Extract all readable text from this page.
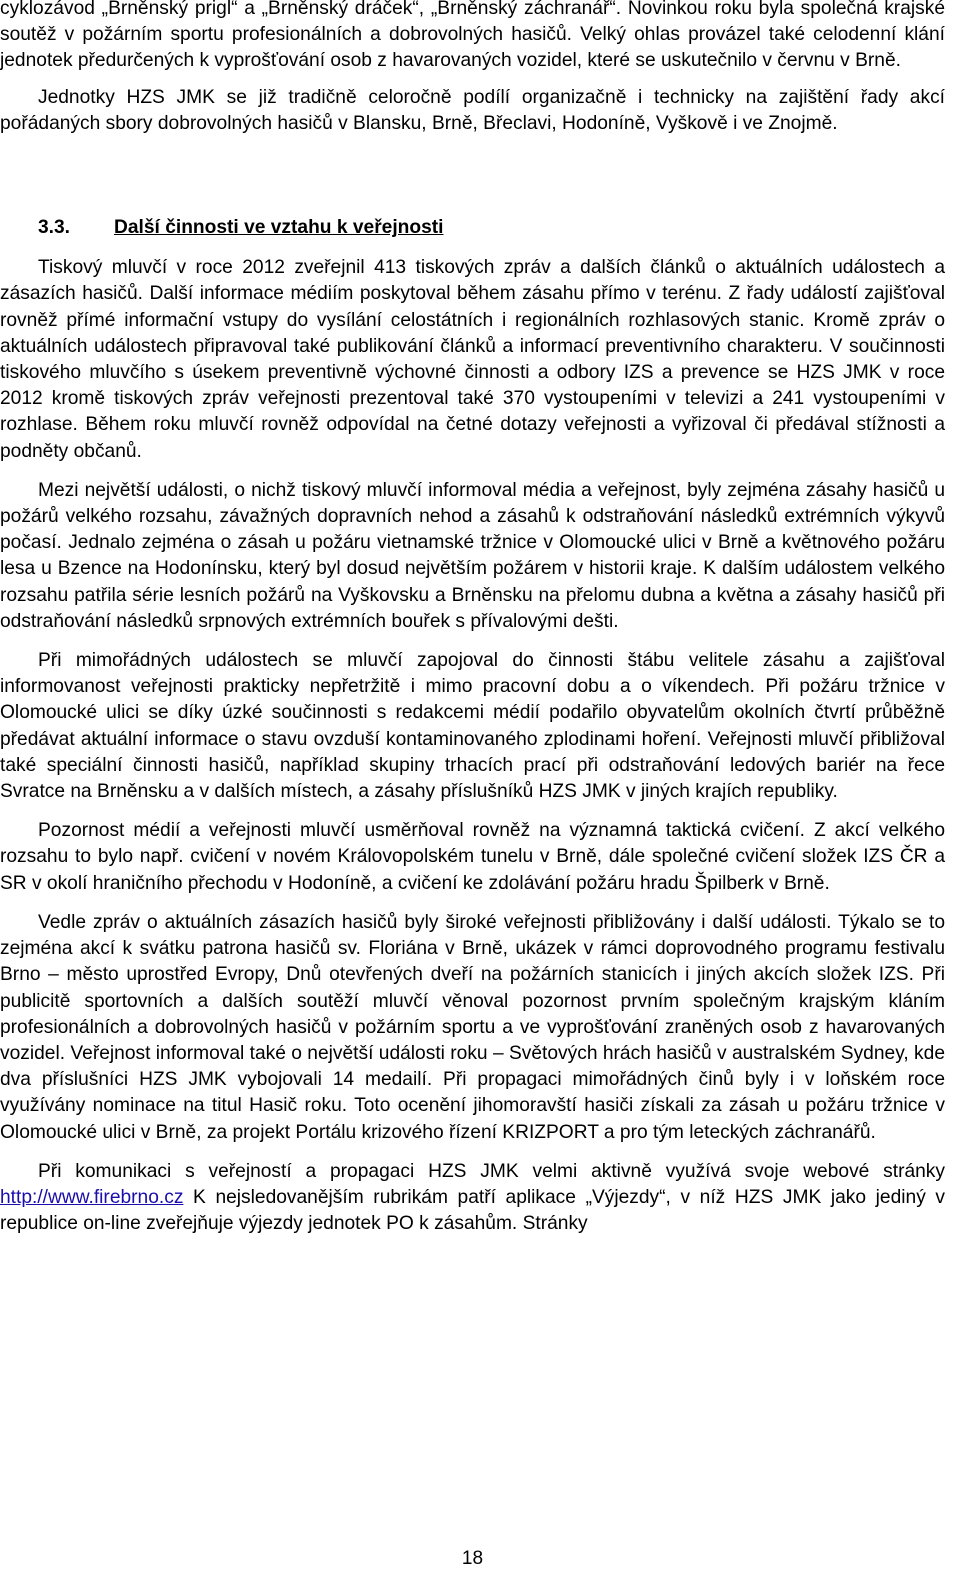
cyklozávod „Brněnský prigl“ a „Brněnský dráček“, „Brněnský záchranář“. Novinkou roku byla společná krajské soutěž v požárním sportu profesionálních a dobrovolných hasičů. Velký ohlas provázel také celodenní klání jednotek předurčených k vyprošťování osob z havarovaných vozidel, které se uskutečnilo v červnu v Brně.

Jednotky HZS JMK se již tradičně celoročně podílí organizačně i technicky na zajištění řady akcí pořádaných sbory dobrovolných hasičů v Blansku, Brně, Břeclavi, Hodoníně, Vyškově i ve Znojmě.

3.3.	Další činnosti ve vztahu k veřejnosti

Tiskový mluvčí v roce 2012 zveřejnil 413 tiskových zpráv a dalších článků o aktuálních událostech a zásazích hasičů. Další informace médiím poskytoval během zásahu přímo v terénu. Z řady událostí zajišťoval rovněž přímé informační vstupy do vysílání celostátních i regionálních rozhlasových stanic. Kromě zpráv o aktuálních událostech připravoval také publikování článků a informací preventivního charakteru. V součinnosti tiskového mluvčího s úsekem preventivně výchovné činnosti a odbory IZS a prevence se HZS JMK v roce 2012 kromě tiskových zpráv veřejnosti prezentoval také 370 vystoupeními v televizi a 241 vystoupeními v rozhlase. Během roku mluvčí rovněž odpovídal na četné dotazy veřejnosti a vyřizoval či předával stížnosti a podněty občanů.

Mezi největší události, o nichž tiskový mluvčí informoval média a veřejnost, byly zejména zásahy hasičů u požárů velkého rozsahu, závažných dopravních nehod a zásahů k odstraňování následků extrémních výkyvů počasí. Jednalo zejména o zásah u požáru vietnamské tržnice v Olomoucké ulici v Brně a květnového požáru lesa u Bzence na Hodonínsku, který byl dosud největším požárem v historii kraje. K dalším událostem velkého rozsahu patřila série lesních požárů na Vyškovsku a Brněnsku na přelomu dubna a května a zásahy hasičů při odstraňování následků srpnových extrémních bouřek s přívalovými dešti.

Při mimořádných událostech se mluvčí zapojoval do činnosti štábu velitele zásahu a zajišťoval informovanost veřejnosti prakticky nepřetržitě i mimo pracovní dobu a o víkendech. Při požáru tržnice v Olomoucké ulici se díky úzké součinnosti s redakcemi médií podařilo obyvatelům okolních čtvrtí průběžně předávat aktuální informace o stavu ovzduší kontaminovaného zplodinami hoření. Veřejnosti mluvčí přibližoval také speciální činnosti hasičů, například skupiny trhacích prací při odstraňování ledových bariér na řece Svratce na Brněnsku a v dalších místech, a zásahy příslušníků HZS JMK v jiných krajích republiky.

Pozornost médií a veřejnosti mluvčí usměrňoval rovněž na významná taktická cvičení. Z akcí velkého rozsahu to bylo např. cvičení v novém Královopolském tunelu v Brně, dále společné cvičení složek IZS ČR a SR v okolí hraničního přechodu v Hodoníně, a cvičení ke zdolávání požáru hradu Špilberk v Brně.

Vedle zpráv o aktuálních zásazích hasičů byly široké veřejnosti přibližovány i další události. Týkalo se to zejména akcí k svátku patrona hasičů sv. Floriána v Brně, ukázek v rámci doprovodného programu festivalu Brno – město uprostřed Evropy, Dnů otevřených dveří na požárních stanicích i jiných akcích složek IZS. Při publicitě sportovních a dalších soutěží mluvčí věnoval pozornost prvním společným krajským kláním profesionálních a dobrovolných hasičů v požárním sportu a ve vyprošťování zraněných osob z havarovaných vozidel. Veřejnost informoval také o největší události roku – Světových hrách hasičů v australském Sydney, kde dva příslušníci HZS JMK vybojovali 14 medailí. Při propagaci mimořádných činů byly i v loňském roce využívány nominace na titul Hasič roku. Toto ocenění jihomoravští hasiči získali za zásah u požáru tržnice v Olomoucké ulici v Brně, za projekt Portálu krizového řízení KRIZPORT a pro tým leteckých záchranářů.

Při komunikaci s veřejností a propagaci HZS JMK velmi aktivně využívá svoje webové stránky http://www.firebrno.cz K nejsledovanějším rubrikám patří aplikace „Výjezdy“, v níž HZS JMK jako jediný v republice on-line zveřejňuje výjezdy jednotek PO k zásahům. Stránky

18
